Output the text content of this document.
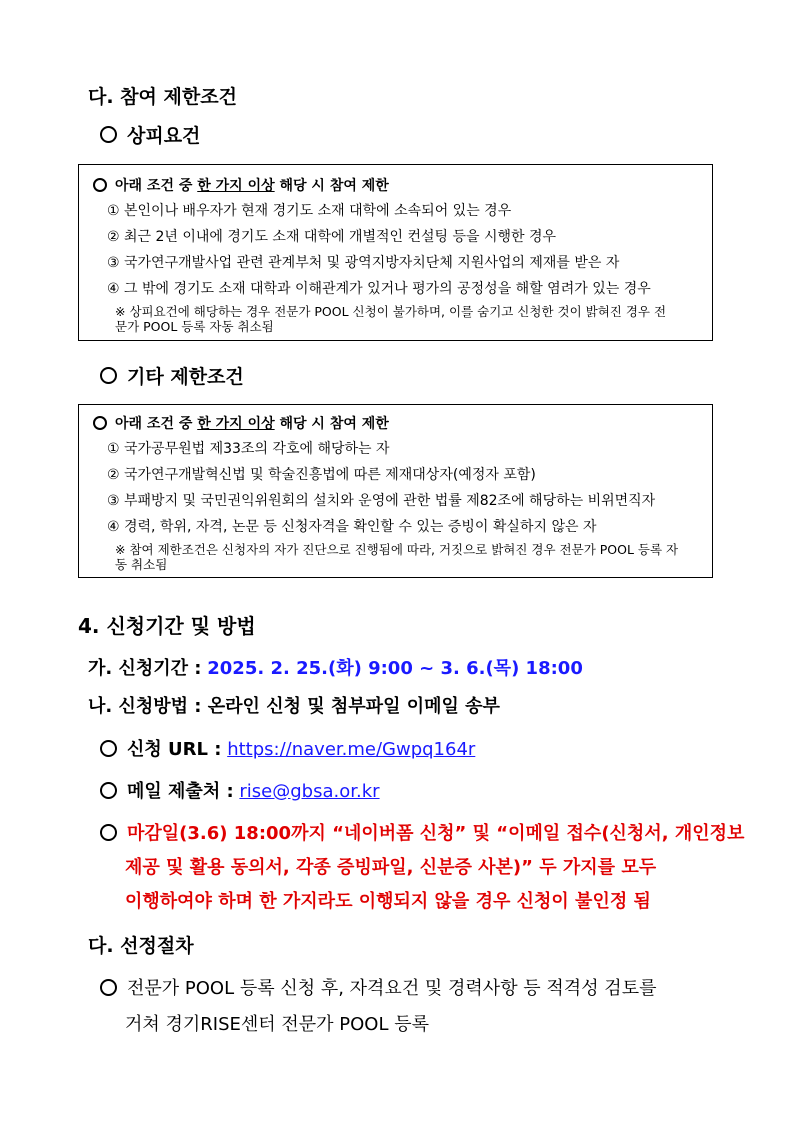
다. 참여 제한조건
상피요건
아래 조건 중 한 가지 이상 해당 시 참여 제한
① 본인이나 배우자가 현재 경기도 소재 대학에 소속되어 있는 경우
② 최근 2년 이내에 경기도 소재 대학에 개별적인 컨설팅 등을 시행한 경우
③ 국가연구개발사업 관련 관계부처 및 광역지방자치단체 지원사업의 제재를 받은 자
④ 그 밖에 경기도 소재 대학과 이해관계가 있거나 평가의 공정성을 해할 염려가 있는 경우
※ 상피요건에 해당하는 경우 전문가 POOL 신청이 불가하며, 이를 숨기고 신청한 것이 밝혀진 경우 전문가 POOL 등록 자동 취소됨
기타 제한조건
아래 조건 중 한 가지 이상 해당 시 참여 제한
① 국가공무원법 제33조의 각호에 해당하는 자
② 국가연구개발혁신법 및 학술진흥법에 따른 제재대상자(예정자 포함)
③ 부패방지 및 국민권익위원회의 설치와 운영에 관한 법률 제82조에 해당하는 비위면직자
④ 경력, 학위, 자격, 논문 등 신청자격을 확인할 수 있는 증빙이 확실하지 않은 자
※ 참여 제한조건은 신청자의 자가 진단으로 진행됨에 따라, 거짓으로 밝혀진 경우 전문가 POOL 등록 자동 취소됨
4. 신청기간 및 방법
가. 신청기간 : 2025. 2. 25.(화) 9:00 ~ 3. 6.(목) 18:00
나. 신청방법 : 온라인 신청 및 첨부파일 이메일 송부
신청 URL : https://naver.me/Gwpq164r
메일 제출처 : rise@gbsa.or.kr
마감일(3.6) 18:00까지 “네이버폼 신청” 및 “이메일 접수(신청서, 개인정보
제공 및 활용 동의서, 각종 증빙파일, 신분증 사본)” 두 가지를 모두
이행하여야 하며 한 가지라도 이행되지 않을 경우 신청이 불인정 됨
다. 선정절차
전문가 POOL 등록 신청 후, 자격요건 및 경력사항 등 적격성 검토를
거쳐 경기RISE센터 전문가 POOL 등록
